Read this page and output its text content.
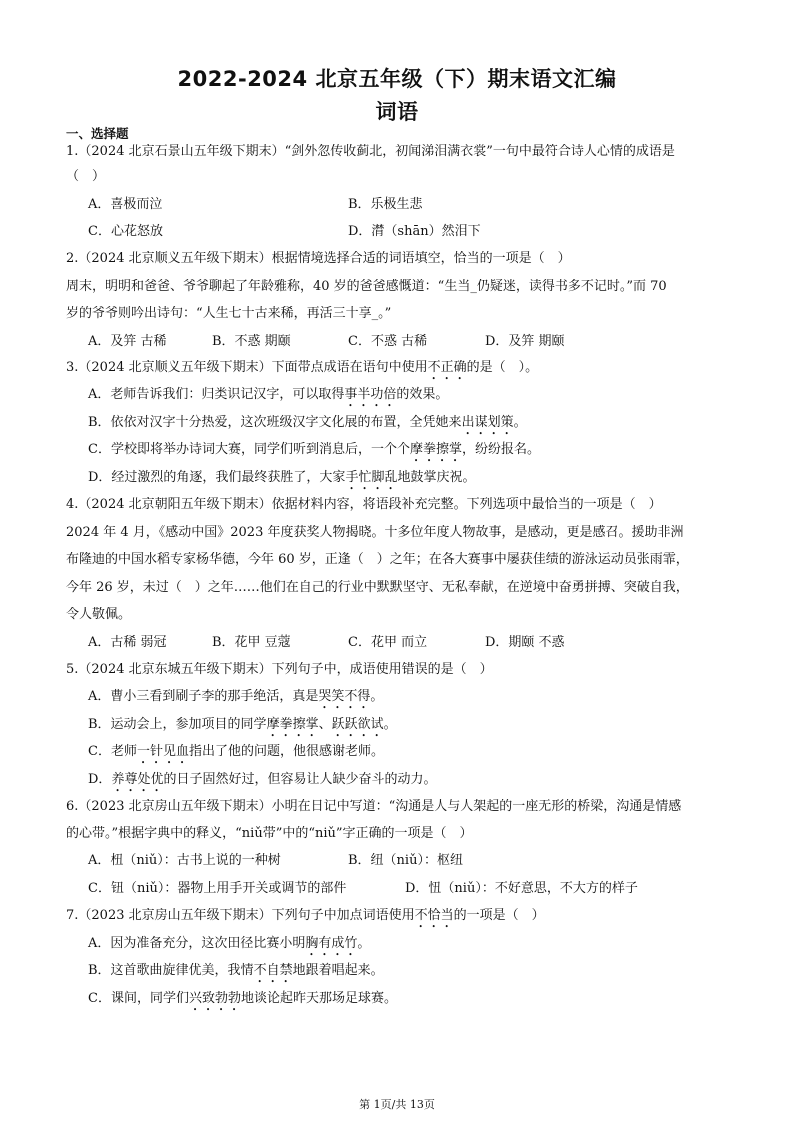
2022-2024 北京五年级（下）期末语文汇编
词语
一、选择题
1.（2024 北京石景山五年级下期末）“剑外忽传收蓟北，初闻涕泪满衣裳”一句中最符合诗人心情的成语是
（　）
A．喜极而泣	B．乐极生悲
C．心花怒放	D．潸（shān）然泪下
2.（2024 北京顺义五年级下期末）根据情境选择合适的词语填空，恰当的一项是（　）
周末，明明和爸爸、爷爷聊起了年龄雅称，40 岁的爸爸感慨道：“生当_仍疑迷，读得书多不记时。”而 70
岁的爷爷则吟出诗句：“人生七十古来稀，再活三十享_。”
A．及笄 古稀	B．不惑 期颐	C．不惑 古稀	D．及笄 期颐
3.（2024 北京顺义五年级下期末）下面带点成语在语句中使用不正确的是（　）。
A．老师告诉我们：归类识记汉字，可以取得事半功倍的效果。
B．依依对汉字十分热爱，这次班级汉字文化展的布置，全凭她来出谋划策。
C．学校即将举办诗词大赛，同学们听到消息后，一个个摩拳擦掌，纷纷报名。
D．经过激烈的角逐，我们最终获胜了，大家手忙脚乱地鼓掌庆祝。
4.（2024 北京朝阳五年级下期末）依据材料内容，将语段补充完整。下列选项中最恰当的一项是（　）
2024 年 4 月，《感动中国》2023 年度获奖人物揭晓。十多位年度人物故事，是感动，更是感召。援助非洲
布隆迪的中国水稻专家杨华德，今年 60 岁，正逢（　）之年；在各大赛事中屡获佳绩的游泳运动员张雨霏，
今年 26 岁，未过（　）之年……他们在自己的行业中默默坚守、无私奉献，在逆境中奋勇拼搏、突破自我，
令人敬佩。
A．古稀 弱冠	B．花甲 豆蔻	C．花甲 而立	D．期颐 不惑
5.（2024 北京东城五年级下期末）下列句子中，成语使用错误的是（　）
A．曹小三看到刷子李的那手绝活，真是哭笑不得。
B．运动会上，参加项目的同学摩拳擦掌、跃跃欲试。
C．老师一针见血指出了他的问题，他很感谢老师。
D．养尊处优的日子固然好过，但容易让人缺少奋斗的动力。
6.（2023 北京房山五年级下期末）小明在日记中写道：“沟通是人与人架起的一座无形的桥梁，沟通是情感
的心带。”根据字典中的释义，“niǔ带”中的“niǔ”字正确的一项是（　）
A．杻（niǔ）：古书上说的一种树	B．纽（niǔ）：枢纽
C．钮（niǔ）：器物上用手开关或调节的部件	D．忸（niǔ）：不好意思，不大方的样子
7.（2023 北京房山五年级下期末）下列句子中加点词语使用不恰当的一项是（　）
A．因为准备充分，这次田径比赛小明胸有成竹。
B．这首歌曲旋律优美，我情不自禁地跟着唱起来。
C．课间，同学们兴致勃勃地谈论起昨天那场足球赛。
第 1页/共 13页
